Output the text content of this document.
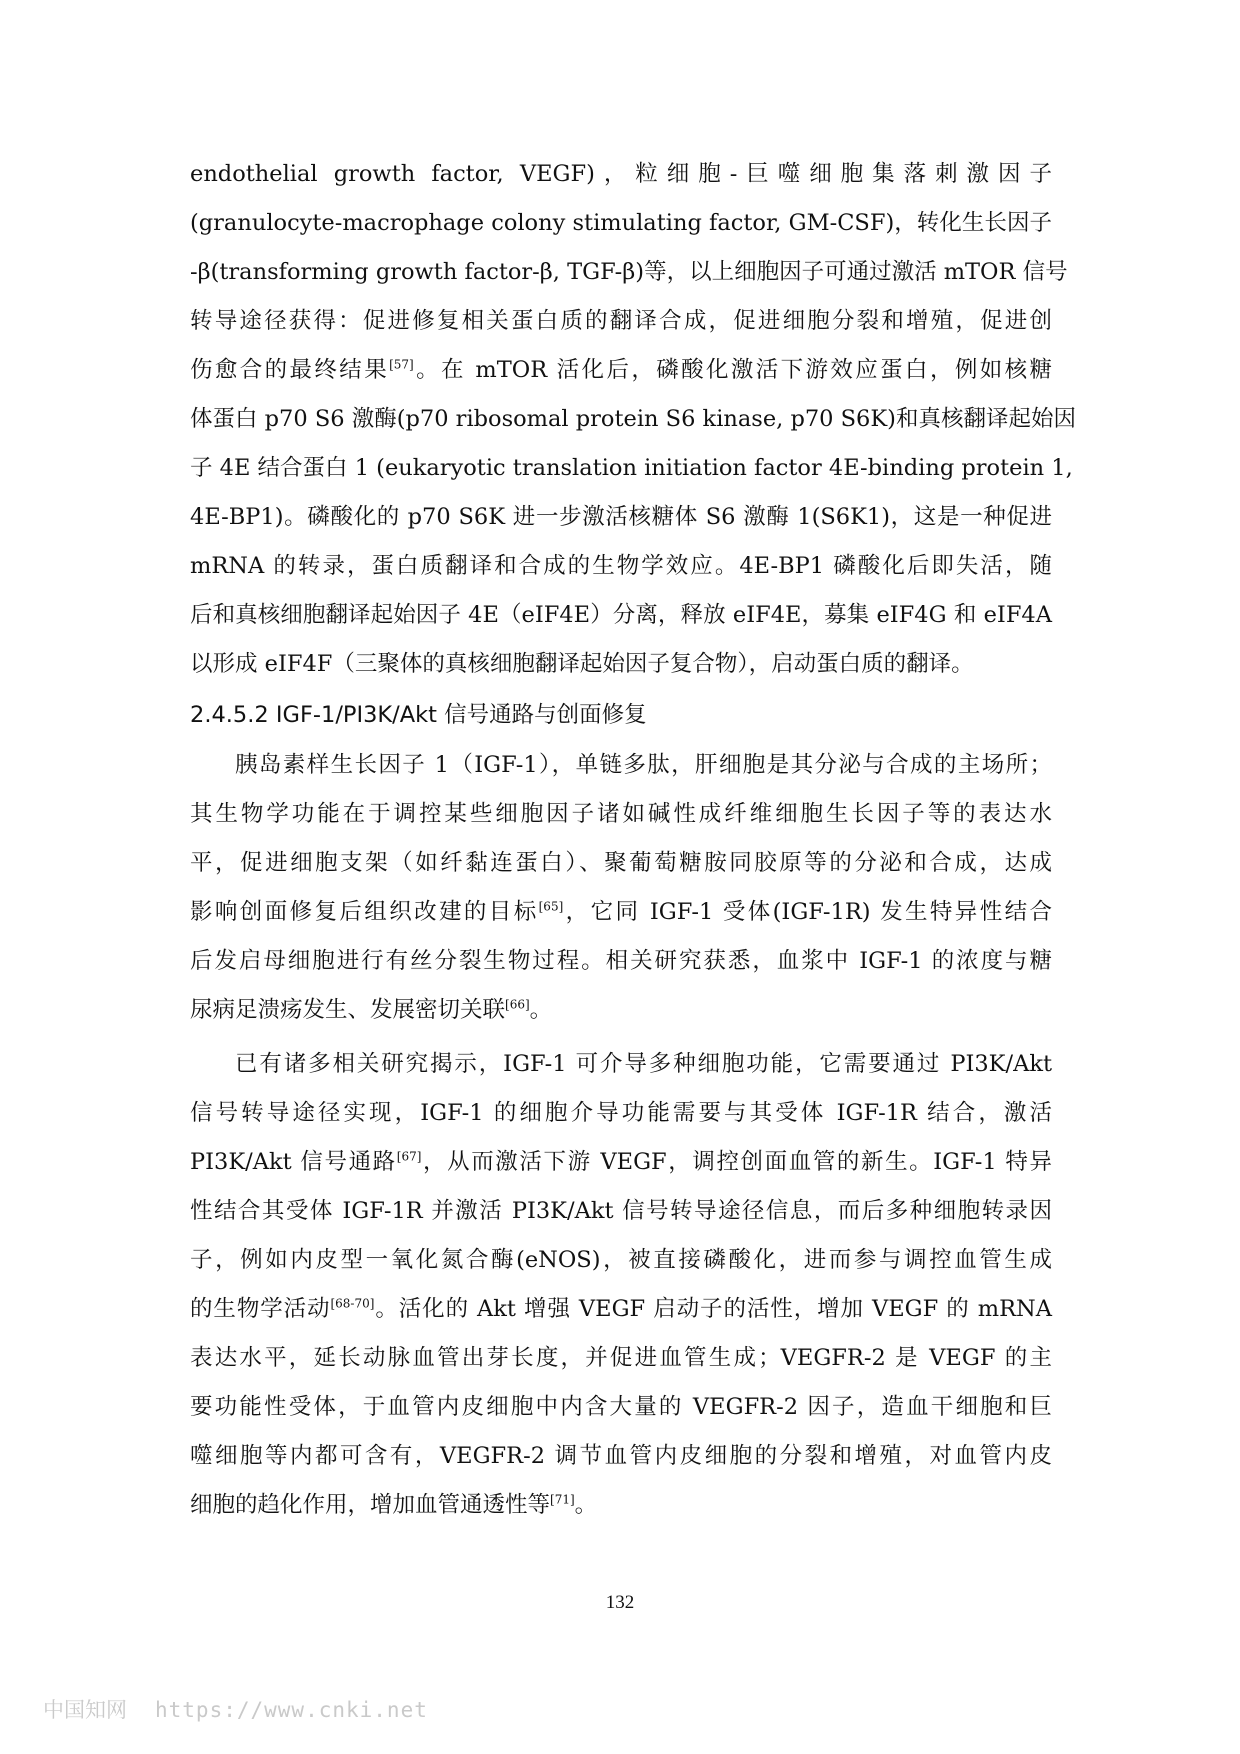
endothelial growth factor, VEGF)，粒细胞-巨噬细胞集落刺激因子
(granulocyte-macrophage colony stimulating factor, GM-CSF)，转化生长因子
-β(transforming growth factor-β, TGF-β)等，以上细胞因子可通过激活 mTOR 信号
转导途径获得：促进修复相关蛋白质的翻译合成，促进细胞分裂和增殖，促进创
伤愈合的最终结果[57]。在 mTOR 活化后，磷酸化激活下游效应蛋白，例如核糖
体蛋白 p70 S6 激酶(p70 ribosomal protein S6 kinase, p70 S6K)和真核翻译起始因
子 4E 结合蛋白 1 (eukaryotic translation initiation factor 4E-binding protein 1,
4E-BP1)。磷酸化的 p70 S6K 进一步激活核糖体 S6 激酶 1(S6K1)，这是一种促进
mRNA 的转录，蛋白质翻译和合成的生物学效应。4E-BP1 磷酸化后即失活，随
后和真核细胞翻译起始因子 4E（eIF4E）分离，释放 eIF4E，募集 eIF4G 和 eIF4A
以形成 eIF4F（三聚体的真核细胞翻译起始因子复合物），启动蛋白质的翻译。
2.4.5.2 IGF-1/PI3K/Akt 信号通路与创面修复
胰岛素样生长因子 1（IGF-1），单链多肽，肝细胞是其分泌与合成的主场所；
其生物学功能在于调控某些细胞因子诸如碱性成纤维细胞生长因子等的表达水
平，促进细胞支架（如纤黏连蛋白）、聚葡萄糖胺同胶原等的分泌和合成，达成
影响创面修复后组织改建的目标[65]，它同 IGF-1 受体(IGF-1R) 发生特异性结合
后发启母细胞进行有丝分裂生物过程。相关研究获悉，血浆中 IGF-1 的浓度与糖
尿病足溃疡发生、发展密切关联[66]。
已有诸多相关研究揭示，IGF-1 可介导多种细胞功能，它需要通过 PI3K/Akt
信号转导途径实现，IGF-1 的细胞介导功能需要与其受体 IGF-1R 结合，激活
PI3K/Akt 信号通路[67]，从而激活下游 VEGF，调控创面血管的新生。IGF-1 特异
性结合其受体 IGF-1R 并激活 PI3K/Akt 信号转导途径信息，而后多种细胞转录因
子，例如内皮型一氧化氮合酶(eNOS)，被直接磷酸化，进而参与调控血管生成
的生物学活动[68-70]。活化的 Akt 增强 VEGF 启动子的活性，增加 VEGF 的 mRNA
表达水平，延长动脉血管出芽长度，并促进血管生成；VEGFR-2 是 VEGF 的主
要功能性受体，于血管内皮细胞中内含大量的 VEGFR-2 因子，造血干细胞和巨
噬细胞等内都可含有，VEGFR-2 调节血管内皮细胞的分裂和增殖，对血管内皮
细胞的趋化作用，增加血管通透性等[71]。
132
中国知网 https://www.cnki.net
